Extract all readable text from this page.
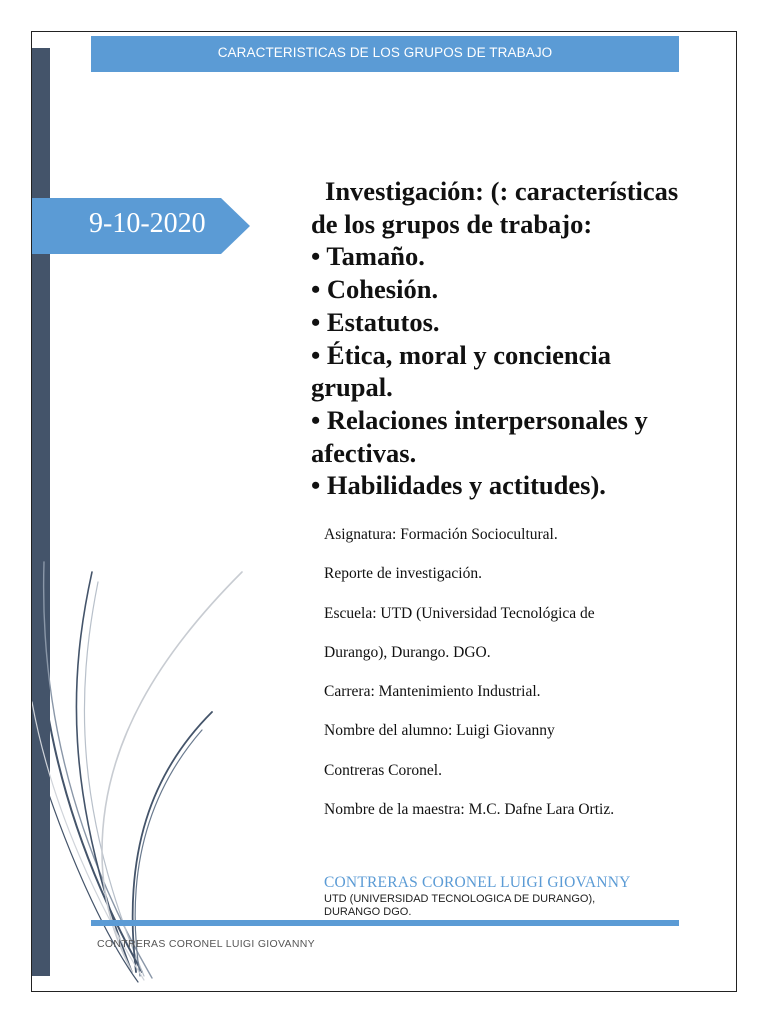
CARACTERISTICAS DE LOS GRUPOS DE TRABAJO
9-10-2020
Investigación: (: características
de los grupos de trabajo:
• Tamaño.
• Cohesión.
• Estatutos.
• Ética, moral y conciencia
grupal.
• Relaciones interpersonales y
afectivas.
• Habilidades y actitudes).
Asignatura: Formación Sociocultural.
Reporte de investigación.
Escuela: UTD (Universidad Tecnológica de
Durango), Durango. DGO.
Carrera: Mantenimiento Industrial.
Nombre del alumno: Luigi Giovanny
Contreras Coronel.
Nombre de la maestra: M.C. Dafne Lara Ortiz.
CONTRERAS CORONEL LUIGI GIOVANNY
UTD (UNIVERSIDAD TECNOLOGICA DE DURANGO),
DURANGO DGO.
CONTRERAS CORONEL LUIGI GIOVANNY
